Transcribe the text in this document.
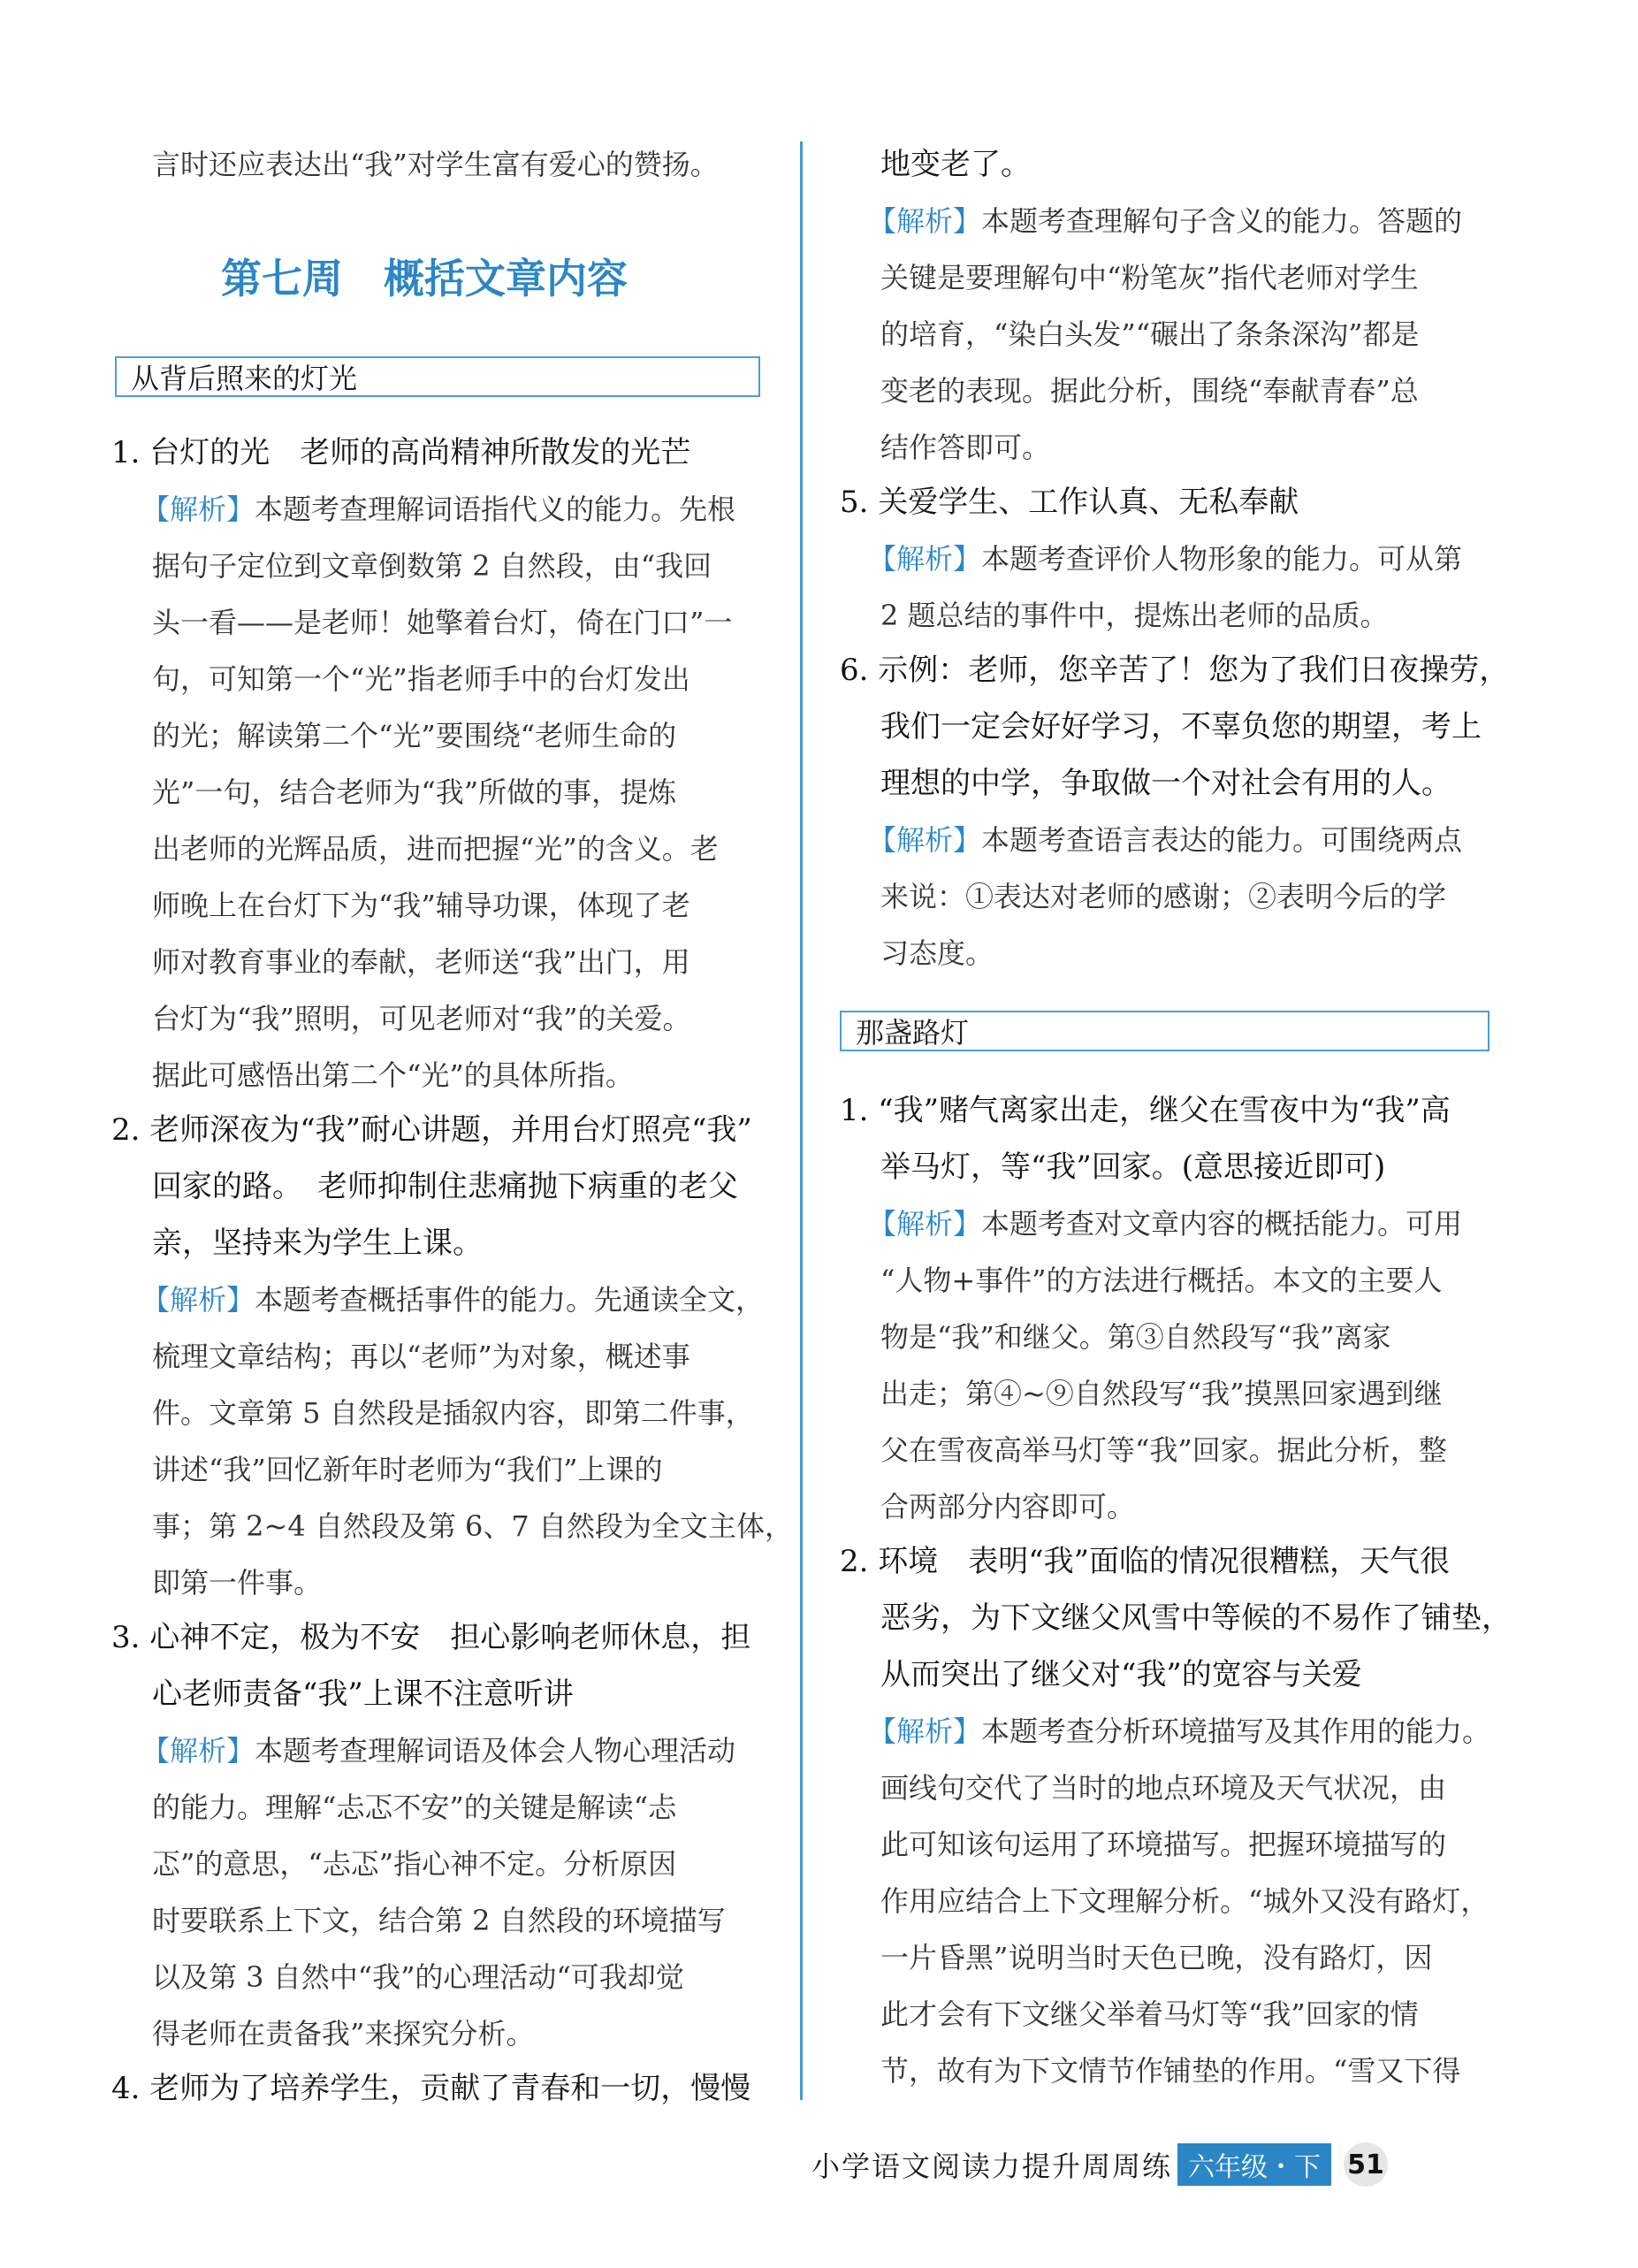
第七周　概括文章内容
从背后照来的灯光
那盏路灯
言时还应表达出“我”对学生富有爱心的赞扬。
1. 台灯的光　老师的高尚精神所散发的光芒
【解析】本题考查理解词语指代义的能力。先根
据句子定位到文章倒数第 2 自然段，由“我回
头一看——是老师！她擎着台灯，倚在门口”一
句，可知第一个“光”指老师手中的台灯发出
的光；解读第二个“光”要围绕“老师生命的
光”一句，结合老师为“我”所做的事，提炼
出老师的光辉品质，进而把握“光”的含义。老
师晚上在台灯下为“我”辅导功课，体现了老
师对教育事业的奉献，老师送“我”出门，用
台灯为“我”照明，可见老师对“我”的关爱。
据此可感悟出第二个“光”的具体所指。
2. 老师深夜为“我”耐心讲题，并用台灯照亮“我”
回家的路。　老师抑制住悲痛抛下病重的老父
亲，坚持来为学生上课。
【解析】本题考查概括事件的能力。先通读全文，
梳理文章结构；再以“老师”为对象，概述事
件。文章第 5 自然段是插叙内容，即第二件事，
讲述“我”回忆新年时老师为“我们”上课的
事；第 2~4 自然段及第 6、7 自然段为全文主体，
即第一件事。
3. 心神不定，极为不安　担心影响老师休息，担
心老师责备“我”上课不注意听讲
【解析】本题考查理解词语及体会人物心理活动
的能力。理解“忐忑不安”的关键是解读“忐
忑”的意思，“忐忑”指心神不定。分析原因
时要联系上下文，结合第 2 自然段的环境描写
以及第 3 自然中“我”的心理活动“可我却觉
得老师在责备我”来探究分析。
4. 老师为了培养学生，贡献了青春和一切，慢慢
地变老了。
【解析】本题考查理解句子含义的能力。答题的
关键是要理解句中“粉笔灰”指代老师对学生
的培育，“染白头发”“碾出了条条深沟”都是
变老的表现。据此分析，围绕“奉献青春”总
结作答即可。
5. 关爱学生、工作认真、无私奉献
【解析】本题考查评价人物形象的能力。可从第
2 题总结的事件中，提炼出老师的品质。
6. 示例：老师，您辛苦了！您为了我们日夜操劳，
我们一定会好好学习，不辜负您的期望，考上
理想的中学，争取做一个对社会有用的人。
【解析】本题考查语言表达的能力。可围绕两点
来说：①表达对老师的感谢；②表明今后的学
习态度。
1. “我”赌气离家出走，继父在雪夜中为“我”高
举马灯，等“我”回家。(意思接近即可)
【解析】本题考查对文章内容的概括能力。可用
“人物+事件”的方法进行概括。本文的主要人
物是“我”和继父。第③自然段写“我”离家
出走；第④~⑨自然段写“我”摸黑回家遇到继
父在雪夜高举马灯等“我”回家。据此分析，整
合两部分内容即可。
2. 环境　表明“我”面临的情况很糟糕，天气很
恶劣，为下文继父风雪中等候的不易作了铺垫，
从而突出了继父对“我”的宽容与关爱
【解析】本题考查分析环境描写及其作用的能力。
画线句交代了当时的地点环境及天气状况，由
此可知该句运用了环境描写。把握环境描写的
作用应结合上下文理解分析。“城外又没有路灯，
一片昏黑”说明当时天色已晚，没有路灯，因
此才会有下文继父举着马灯等“我”回家的情
节，故有为下文情节作铺垫的作用。“雪又下得
小学语文阅读力提升周周练 六年级・下	51
